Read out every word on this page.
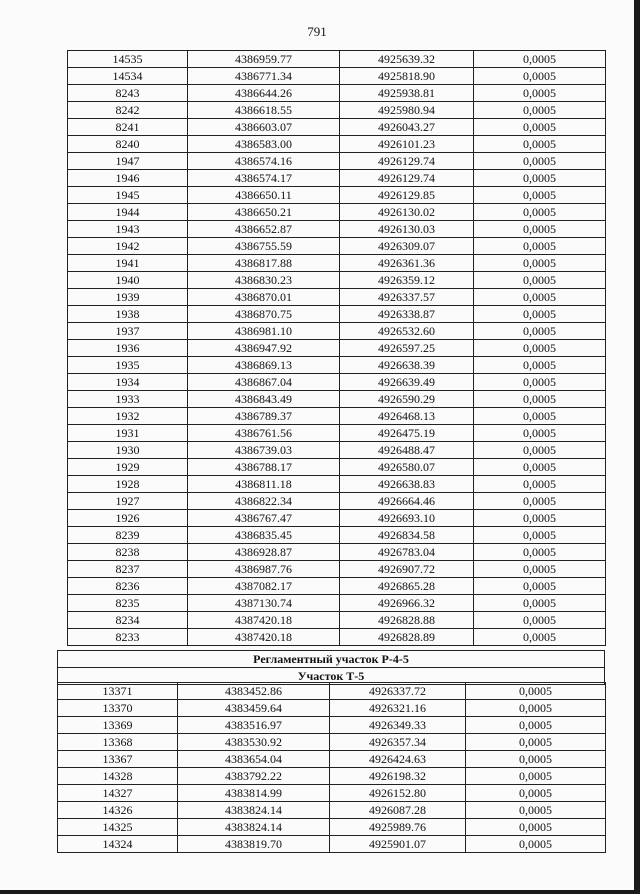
791
14535	4386959.77	4925639.32	0,0005
14534	4386771.34	4925818.90	0,0005
8243	4386644.26	4925938.81	0,0005
8242	4386618.55	4925980.94	0,0005
8241	4386603.07	4926043.27	0,0005
8240	4386583.00	4926101.23	0,0005
1947	4386574.16	4926129.74	0,0005
1946	4386574.17	4926129.74	0,0005
1945	4386650.11	4926129.85	0,0005
1944	4386650.21	4926130.02	0,0005
1943	4386652.87	4926130.03	0,0005
1942	4386755.59	4926309.07	0,0005
1941	4386817.88	4926361.36	0,0005
1940	4386830.23	4926359.12	0,0005
1939	4386870.01	4926337.57	0,0005
1938	4386870.75	4926338.87	0,0005
1937	4386981.10	4926532.60	0,0005
1936	4386947.92	4926597.25	0,0005
1935	4386869.13	4926638.39	0,0005
1934	4386867.04	4926639.49	0,0005
1933	4386843.49	4926590.29	0,0005
1932	4386789.37	4926468.13	0,0005
1931	4386761.56	4926475.19	0,0005
1930	4386739.03	4926488.47	0,0005
1929	4386788.17	4926580.07	0,0005
1928	4386811.18	4926638.83	0,0005
1927	4386822.34	4926664.46	0,0005
1926	4386767.47	4926693.10	0,0005
8239	4386835.45	4926834.58	0,0005
8238	4386928.87	4926783.04	0,0005
8237	4386987.76	4926907.72	0,0005
8236	4387082.17	4926865.28	0,0005
8235	4387130.74	4926966.32	0,0005
8234	4387420.18	4926828.88	0,0005
8233	4387420.18	4926828.89	0,0005
Регламентный участок Р-4-5
Участок Т-5
13371	4383452.86	4926337.72	0,0005
13370	4383459.64	4926321.16	0,0005
13369	4383516.97	4926349.33	0,0005
13368	4383530.92	4926357.34	0,0005
13367	4383654.04	4926424.63	0,0005
14328	4383792.22	4926198.32	0,0005
14327	4383814.99	4926152.80	0,0005
14326	4383824.14	4926087.28	0,0005
14325	4383824.14	4925989.76	0,0005
14324	4383819.70	4925901.07	0,0005
